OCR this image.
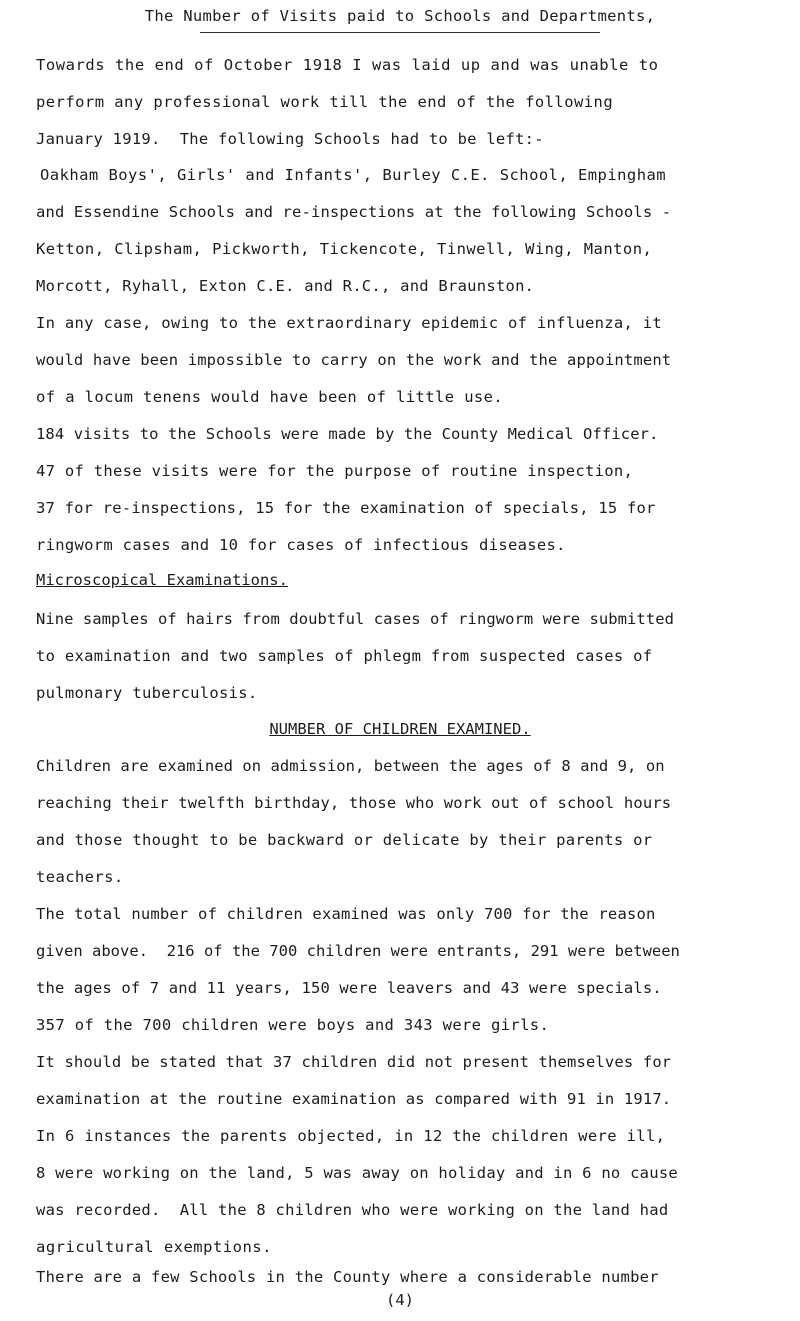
The Number of Visits paid to Schools and Departments,
Towards the end of October 1918 I was laid up and was unable to
perform any professional work till the end of the following
January 1919.  The following Schools had to be left:-
Oakham Boys', Girls' and Infants', Burley C.E. School, Empingham
and Essendine Schools and re-inspections at the following Schools -
Ketton, Clipsham, Pickworth, Tickencote, Tinwell, Wing, Manton,
Morcott, Ryhall, Exton C.E. and R.C., and Braunston.
In any case, owing to the extraordinary epidemic of influenza, it
would have been impossible to carry on the work and the appointment
of a locum tenens would have been of little use.
184 visits to the Schools were made by the County Medical Officer.
47 of these visits were for the purpose of routine inspection,
37 for re-inspections, 15 for the examination of specials, 15 for
ringworm cases and 10 for cases of infectious diseases.
Microscopical Examinations.
Nine samples of hairs from doubtful cases of ringworm were submitted
to examination and two samples of phlegm from suspected cases of
pulmonary tuberculosis.
NUMBER OF CHILDREN EXAMINED.
Children are examined on admission, between the ages of 8 and 9, on
reaching their twelfth birthday, those who work out of school hours
and those thought to be backward or delicate by their parents or
teachers.
The total number of children examined was only 700 for the reason
given above.  216 of the 700 children were entrants, 291 were between
the ages of 7 and 11 years, 150 were leavers and 43 were specials.
357 of the 700 children were boys and 343 were girls.
It should be stated that 37 children did not present themselves for
examination at the routine examination as compared with 91 in 1917.
In 6 instances the parents objected, in 12 the children were ill,
8 were working on the land, 5 was away on holiday and in 6 no cause
was recorded.  All the 8 children who were working on the land had
agricultural exemptions.
There are a few Schools in the County where a considerable number
(4)
